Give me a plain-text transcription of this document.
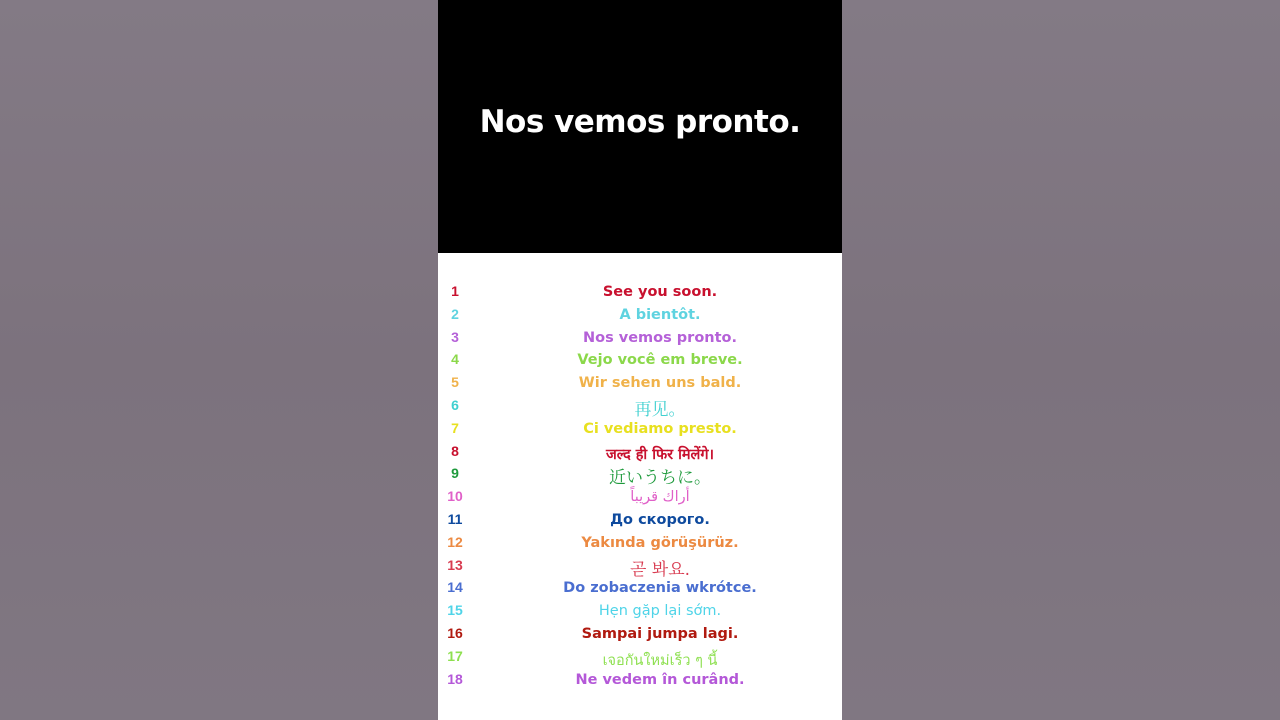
Nos vemos pronto.
1	See you soon.
2	A bientôt.
3	Nos vemos pronto.
4	Vejo você em breve.
5	Wir sehen uns bald.
6	再见。
7	Ci vediamo presto.
8	जल्द ही फिर मिलेंगे।
9	近いうちに。
10	أراك قريباً
11	До скорого.
12	Yakında görüşürüz.
13	곧 봐요.
14	Do zobaczenia wkrótce.
15	Hẹn gặp lại sớm.
16	Sampai jumpa lagi.
17	เจอกันใหม่เร็ว ๆ นี้
18	Ne vedem în curând.
